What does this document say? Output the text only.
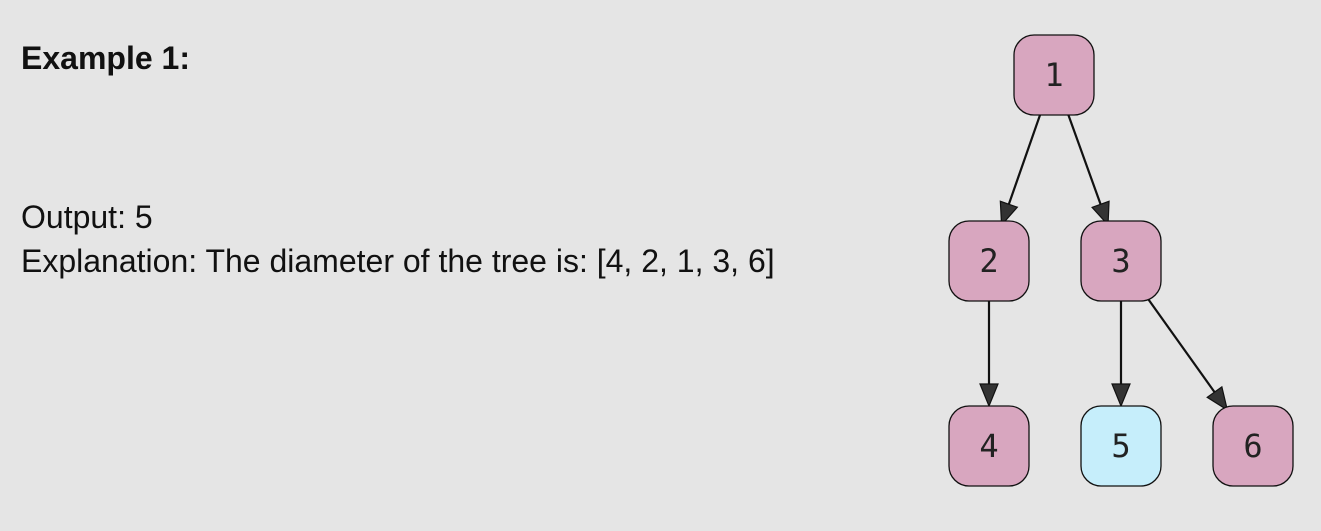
Example 1:
Output: 5
Explanation: The diameter of the tree is: [4, 2, 1, 3, 6]
1
2	3
4	5	6
